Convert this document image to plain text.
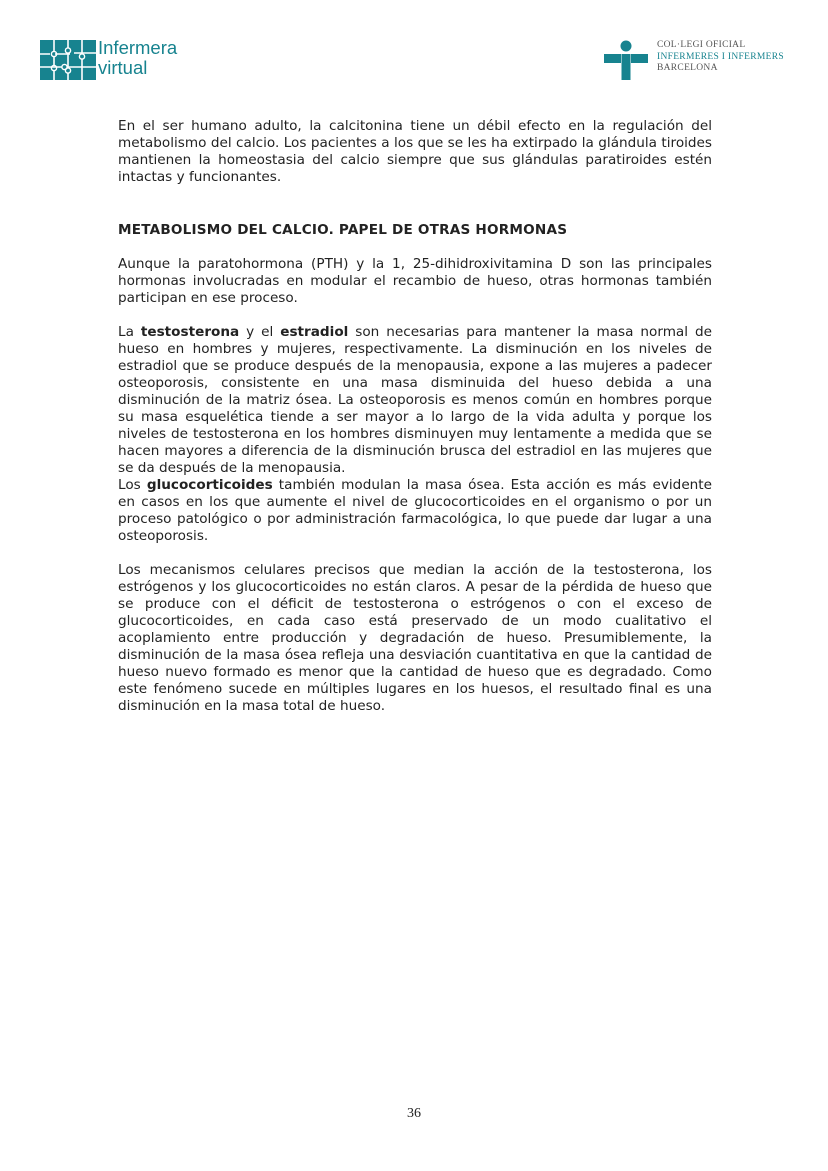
Infermera
virtual
COL·LEGI OFICIAL
INFERMERES I INFERMERS
BARCELONA

En el ser humano adulto, la calcitonina tiene un débil efecto en la regulación del metabolismo del calcio. Los pacientes a los que se les ha extirpado la glándula tiroides mantienen la homeostasia del calcio siempre que sus glándulas paratiroides estén intactas y funcionantes.

METABOLISMO DEL CALCIO. PAPEL DE OTRAS HORMONAS

Aunque la paratohormona (PTH) y la 1, 25-dihidroxivitamina D son las principales hormonas involucradas en modular el recambio de hueso, otras hormonas también participan en ese proceso.

La testosterona y el estradiol son necesarias para mantener la masa normal de hueso en hombres y mujeres, respectivamente. La disminución en los niveles de estradiol que se produce después de la menopausia, expone a las mujeres a padecer osteoporosis, consistente en una masa disminuida del hueso debida a una disminución de la matriz ósea. La osteoporosis es menos común en hombres porque su masa esquelética tiende a ser mayor a lo largo de la vida adulta y porque los niveles de testosterona en los hombres disminuyen muy lentamente a medida que se hacen mayores a diferencia de la disminución brusca del estradiol en las mujeres que se da después de la menopausia.

Los glucocorticoides también modulan la masa ósea. Esta acción es más evidente en casos en los que aumente el nivel de glucocorticoides en el organismo o por un proceso patológico o por administración farmacológica, lo que puede dar lugar a una osteoporosis.

Los mecanismos celulares precisos que median la acción de la testosterona, los estrógenos y los glucocorticoides no están claros. A pesar de la pérdida de hueso que se produce con el déficit de testosterona o estrógenos o con el exceso de glucocorticoides, en cada caso está preservado de un modo cualitativo el acoplamiento entre producción y degradación de hueso. Presumiblemente, la disminución de la masa ósea refleja una desviación cuantitativa en que la cantidad de hueso nuevo formado es menor que la cantidad de hueso que es degradado. Como este fenómeno sucede en múltiples lugares en los huesos, el resultado final es una disminución en la masa total de hueso.

36
